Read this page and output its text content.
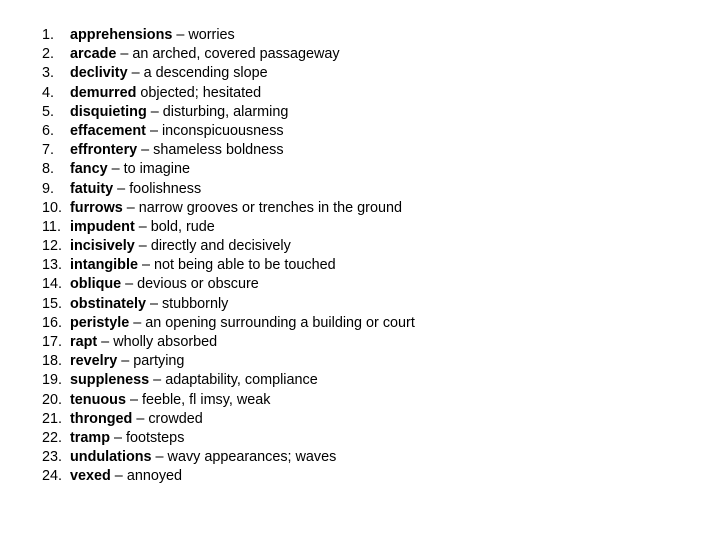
1.	apprehensions – worries
2.	arcade – an arched, covered passageway
3.	declivity – a descending slope
4.	demurred
objected; hesitated
5.	disquieting – disturbing, alarming
6.	effacement – inconspicuousness
7.	effrontery – shameless boldness
8.	fancy – to imagine
9.	fatuity – foolishness
10. furrows – narrow grooves or trenches in the ground
11. impudent – bold, rude
12. incisively – directly and decisively
13. intangible – not being able to be touched
14. oblique – devious or obscure
15. obstinately – stubbornly
16. peristyle – an opening surrounding a building or court
17. rapt – wholly absorbed
18. revelry – partying
19. suppleness – adaptability, compliance
20. tenuous – feeble, fl imsy, weak
21. thronged – crowded
22. tramp – footsteps
23. undulations – wavy appearances; waves
24. vexed – annoyed
